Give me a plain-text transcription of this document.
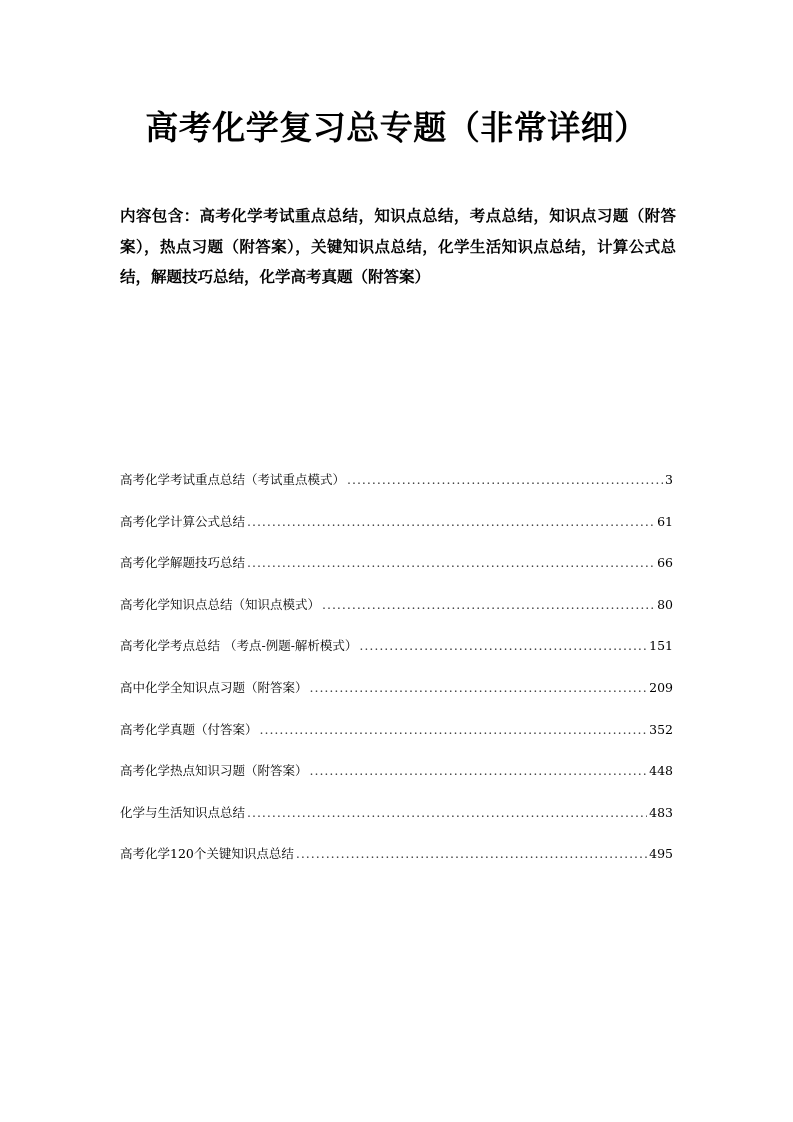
高考化学复习总专题（非常详细）
内容包含：高考化学考试重点总结，知识点总结，考点总结，知识点习题（附答案），热点习题（附答案），关键知识点总结，化学生活知识点总结，计算公式总结，解题技巧总结，化学高考真题（附答案）
高考化学考试重点总结（考试重点模式） .....	3
高考化学计算公式总结 .....	61
高考化学解题技巧总结 .....	66
高考化学知识点总结（知识点模式） .....	80
高考化学考点总结 （考点-例题-解析模式） .....	151
高中化学全知识点习题（附答案） .....	209
高考化学真题（付答案） .....	352
高考化学热点知识习题（附答案） .....	448
化学与生活知识点总结 .....	483
高考化学120个关键知识点总结 .....	495
